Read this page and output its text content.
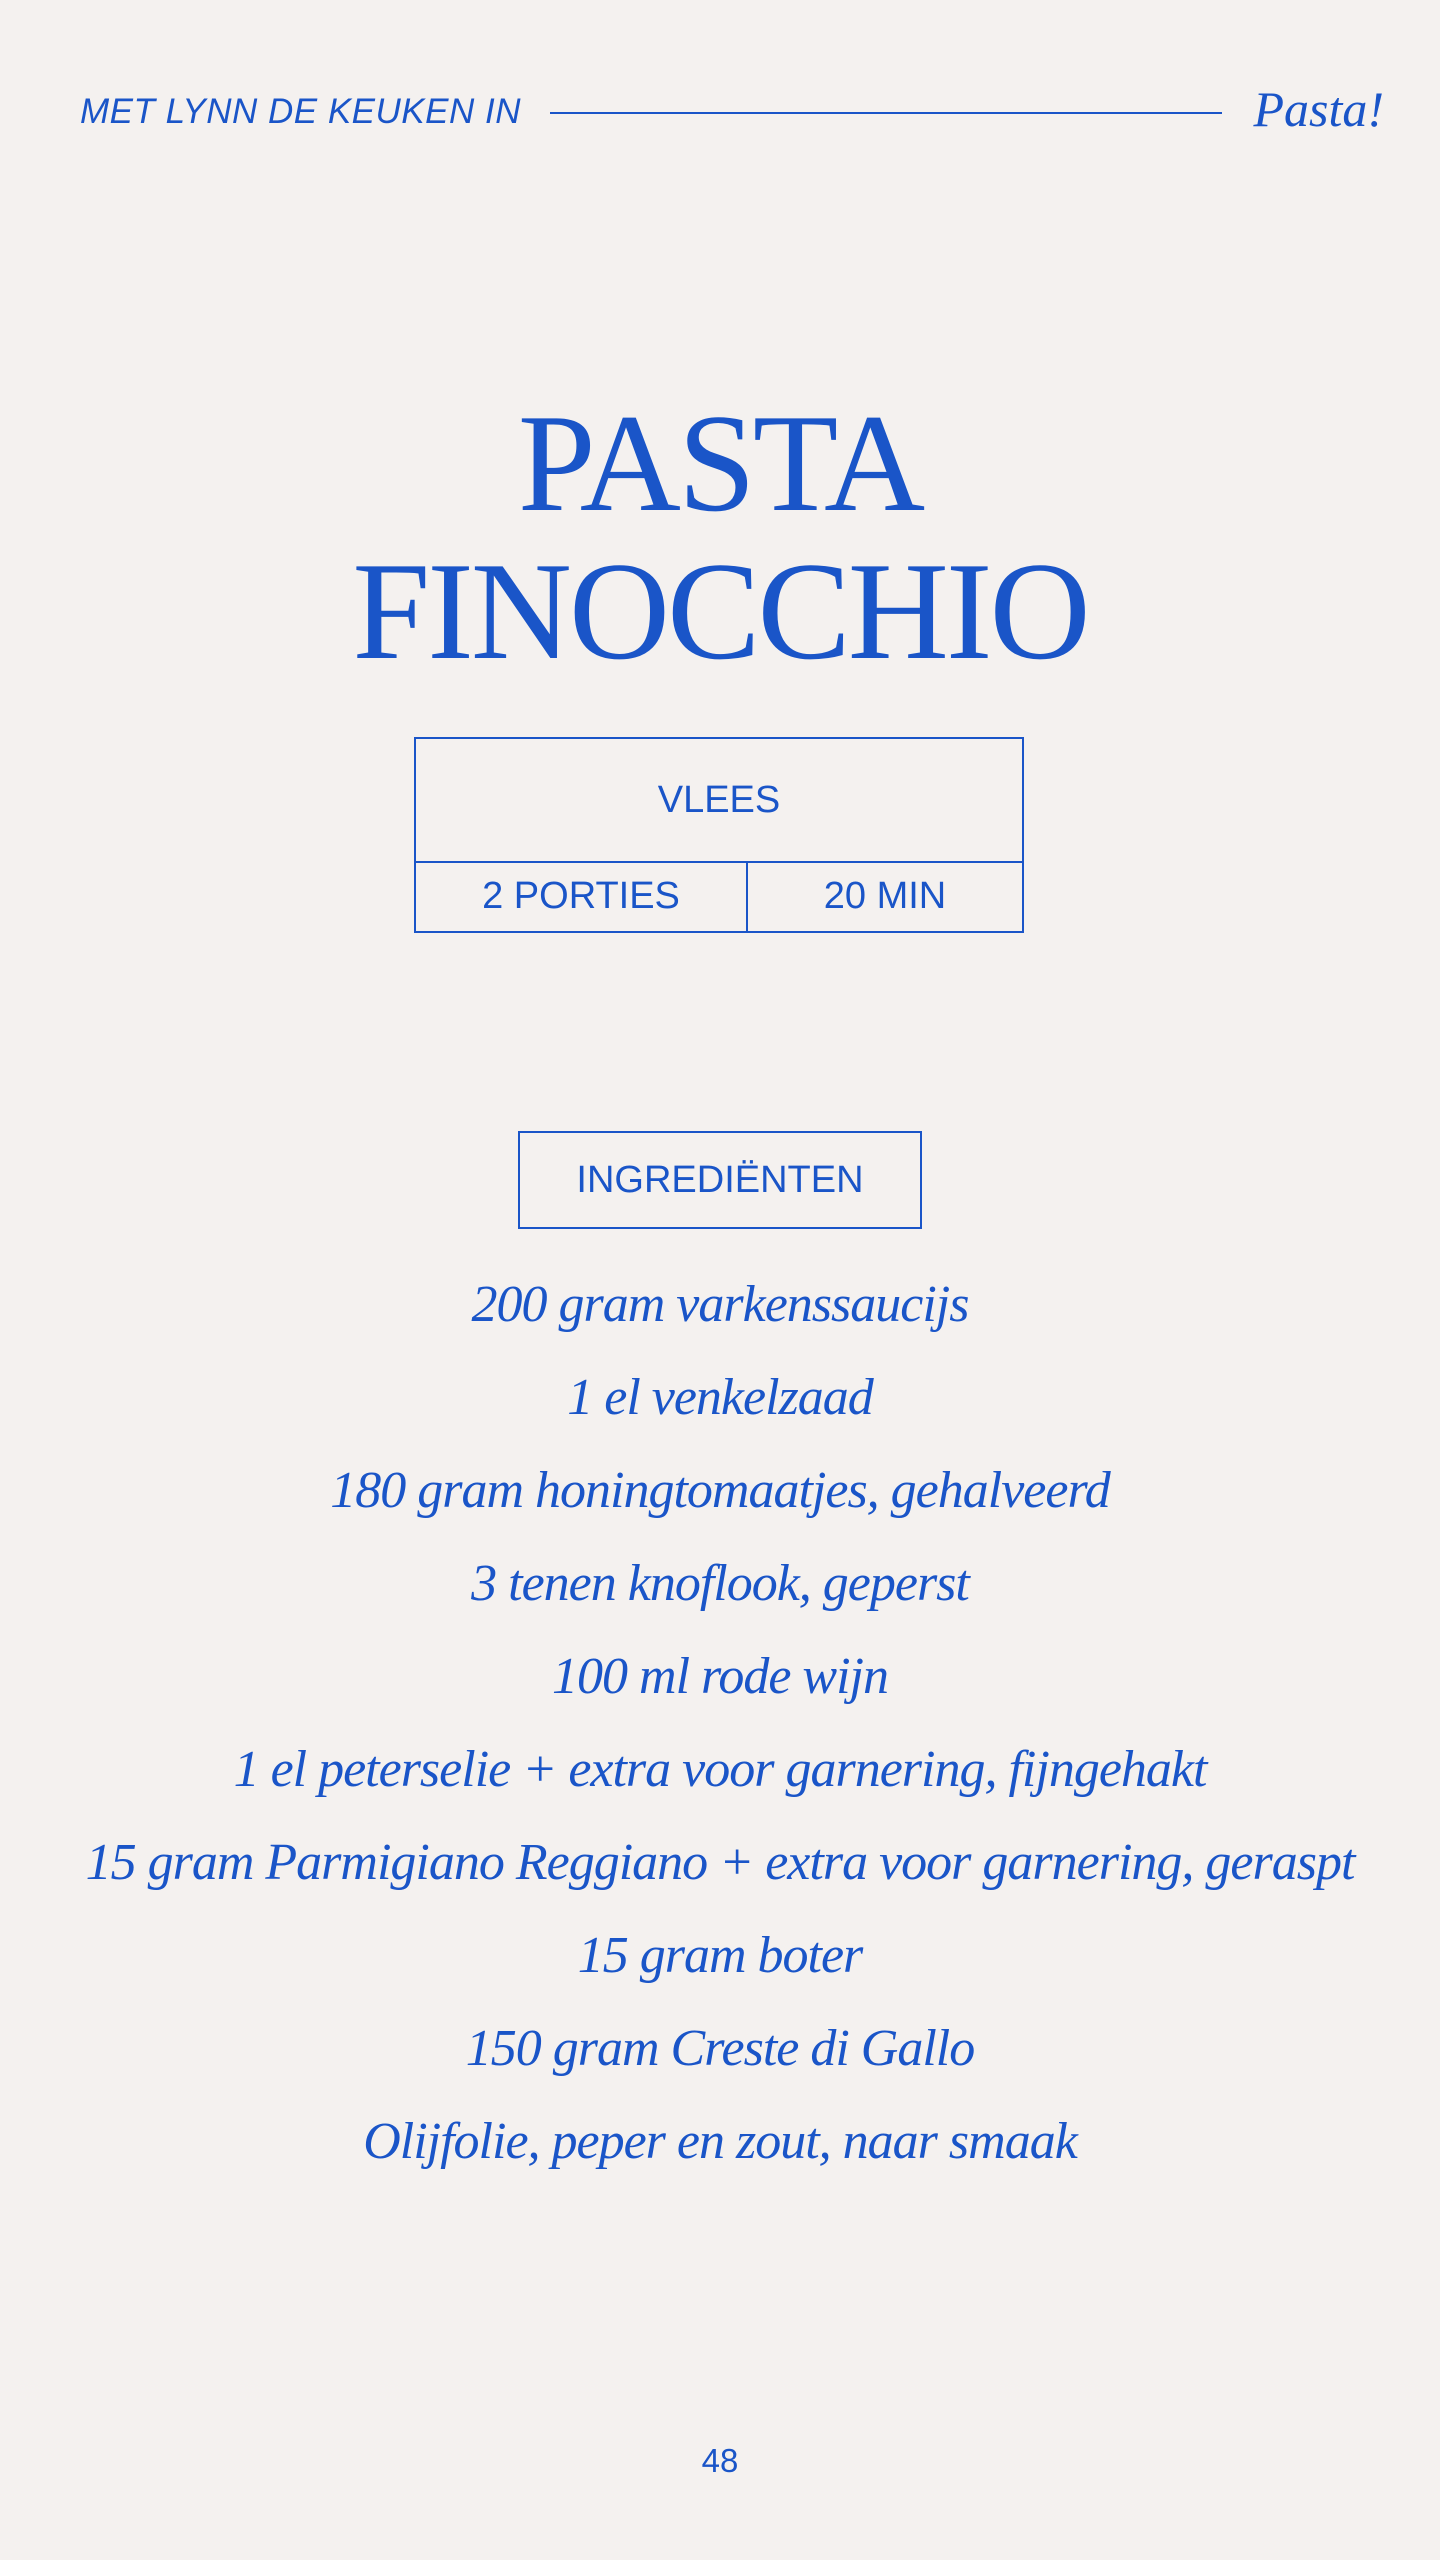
MET LYNN DE KEUKEN IN	Pasta!
PASTA
FINOCCHIO
VLEES
2 PORTIES	20 MIN
INGREDIËNTEN
200 gram varkenssaucijs
1 el venkelzaad
180 gram honingtomaatjes, gehalveerd
3 tenen knoflook, geperst
100 ml rode wijn
1 el peterselie + extra voor garnering, fijngehakt
15 gram Parmigiano Reggiano + extra voor garnering, geraspt
15 gram boter
150 gram Creste di Gallo
Olijfolie, peper en zout, naar smaak
48
